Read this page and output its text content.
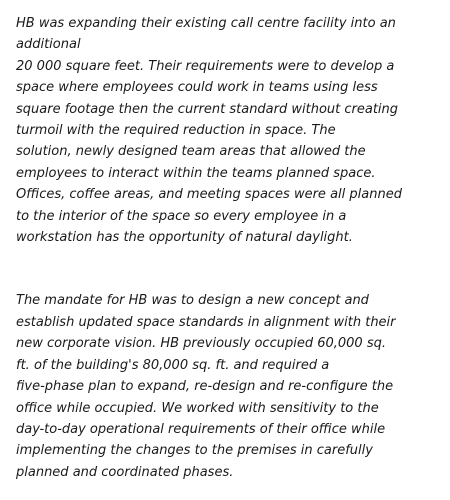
HB was expanding their existing call centre facility into an
additional
20 000 square feet. Their requirements were to develop a
space where employees could work in teams using less
square footage then the current standard without creating
turmoil with the required reduction in space. The
solution, newly designed team areas that allowed the
employees to interact within the teams planned space.
Offices, coffee areas, and meeting spaces were all planned
to the interior of the space so every employee in a
workstation has the opportunity of natural daylight.

The mandate for HB was to design a new concept and
establish updated space standards in alignment with their
new corporate vision. HB previously occupied 60,000 sq.
ft. of the building's 80,000 sq. ft. and required a
five-phase plan to expand, re-design and re-configure the
office while occupied. We worked with sensitivity to the
day-to-day operational requirements of their office while
implementing the changes to the premises in carefully
planned and coordinated phases.
